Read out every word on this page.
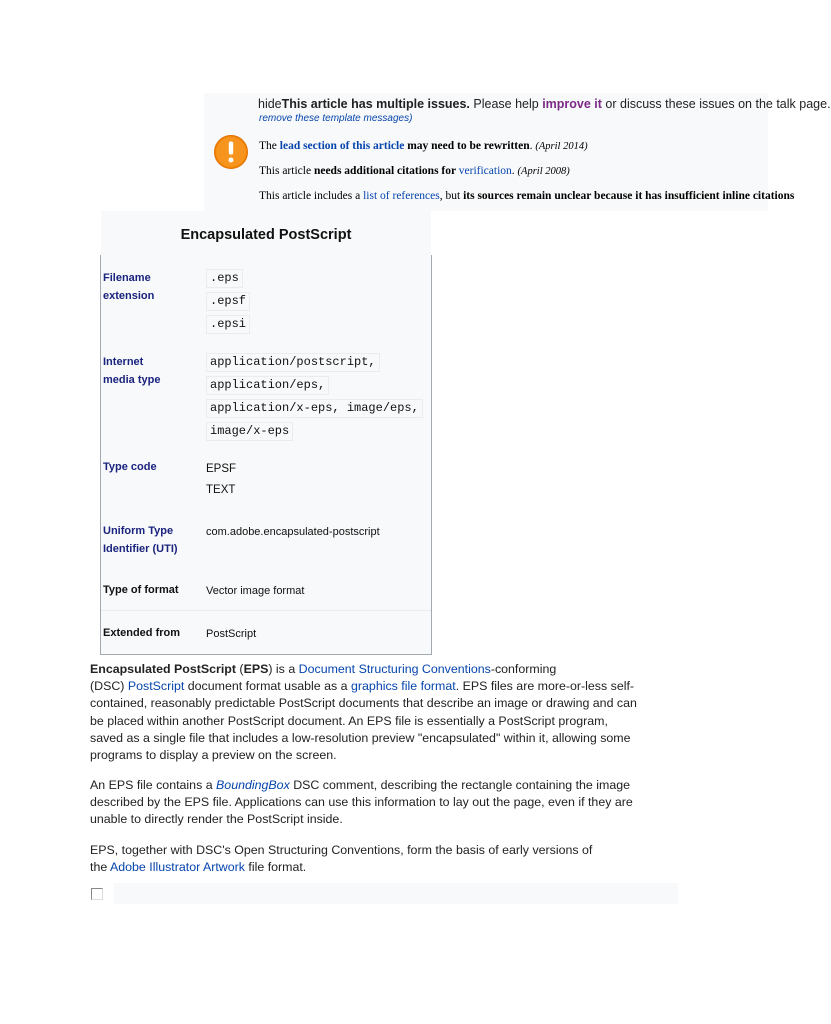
hideThis article has multiple issues. Please help improve it or discuss these issues on the talk page.
remove these template messages)
The lead section of this article may need to be rewritten. (April 2014)
This article needs additional citations for verification. (April 2008)
This article includes a list of references, but its sources remain unclear because it has insufficient inline citations
Encapsulated PostScript
Filename
extension
.eps
.epsf
.epsi
Internet
media type
application/postscript,
application/eps,
application/x-eps, image/eps,
image/x-eps
Type code	EPSF
TEXT
Uniform Type
Identifier (UTI)
com.adobe.encapsulated-postscript
Type of format Vector image format
Extended from PostScript
Encapsulated PostScript (EPS) is a Document Structuring Conventions-conforming
(DSC) PostScript document format usable as a graphics file format. EPS files are more-or-less self-
contained, reasonably predictable PostScript documents that describe an image or drawing and can
be placed within another PostScript document. An EPS file is essentially a PostScript program,
saved as a single file that includes a low-resolution preview "encapsulated" within it, allowing some
programs to display a preview on the screen.
An EPS file contains a BoundingBox DSC comment, describing the rectangle containing the image
described by the EPS file. Applications can use this information to lay out the page, even if they are
unable to directly render the PostScript inside.
EPS, together with DSC's Open Structuring Conventions, form the basis of early versions of
the Adobe Illustrator Artwork file format.
